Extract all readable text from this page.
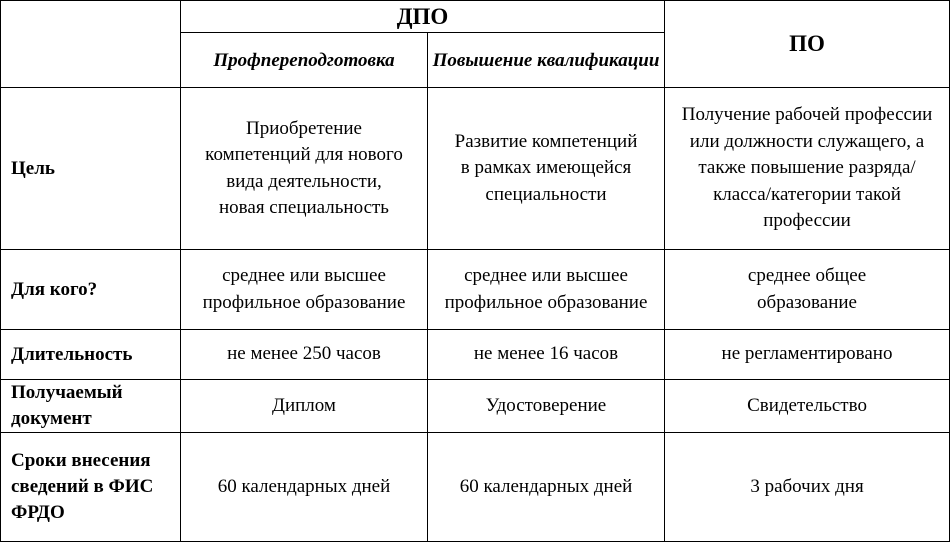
	ДПО		ПО
	Профпереподготовка	Повышение квалификации	
Цель	Приобретение компетенций для нового вида деятельности, новая специальность	Развитие компетенций в рамках имеющейся специальности	Получение рабочей профессии или должности служащего, а также повышение разряда/класса/категории такой профессии
Для кого?	среднее или высшее профильное образование	среднее или высшее профильное образование	среднее общее образование
Длительность	не менее 250 часов	не менее 16 часов	не регламентировано
Получаемый документ	Диплом	Удостоверение	Свидетельство
Сроки внесения сведений в ФИС ФРДО	60 календарных дней	60 календарных дней	3 рабочих дня
